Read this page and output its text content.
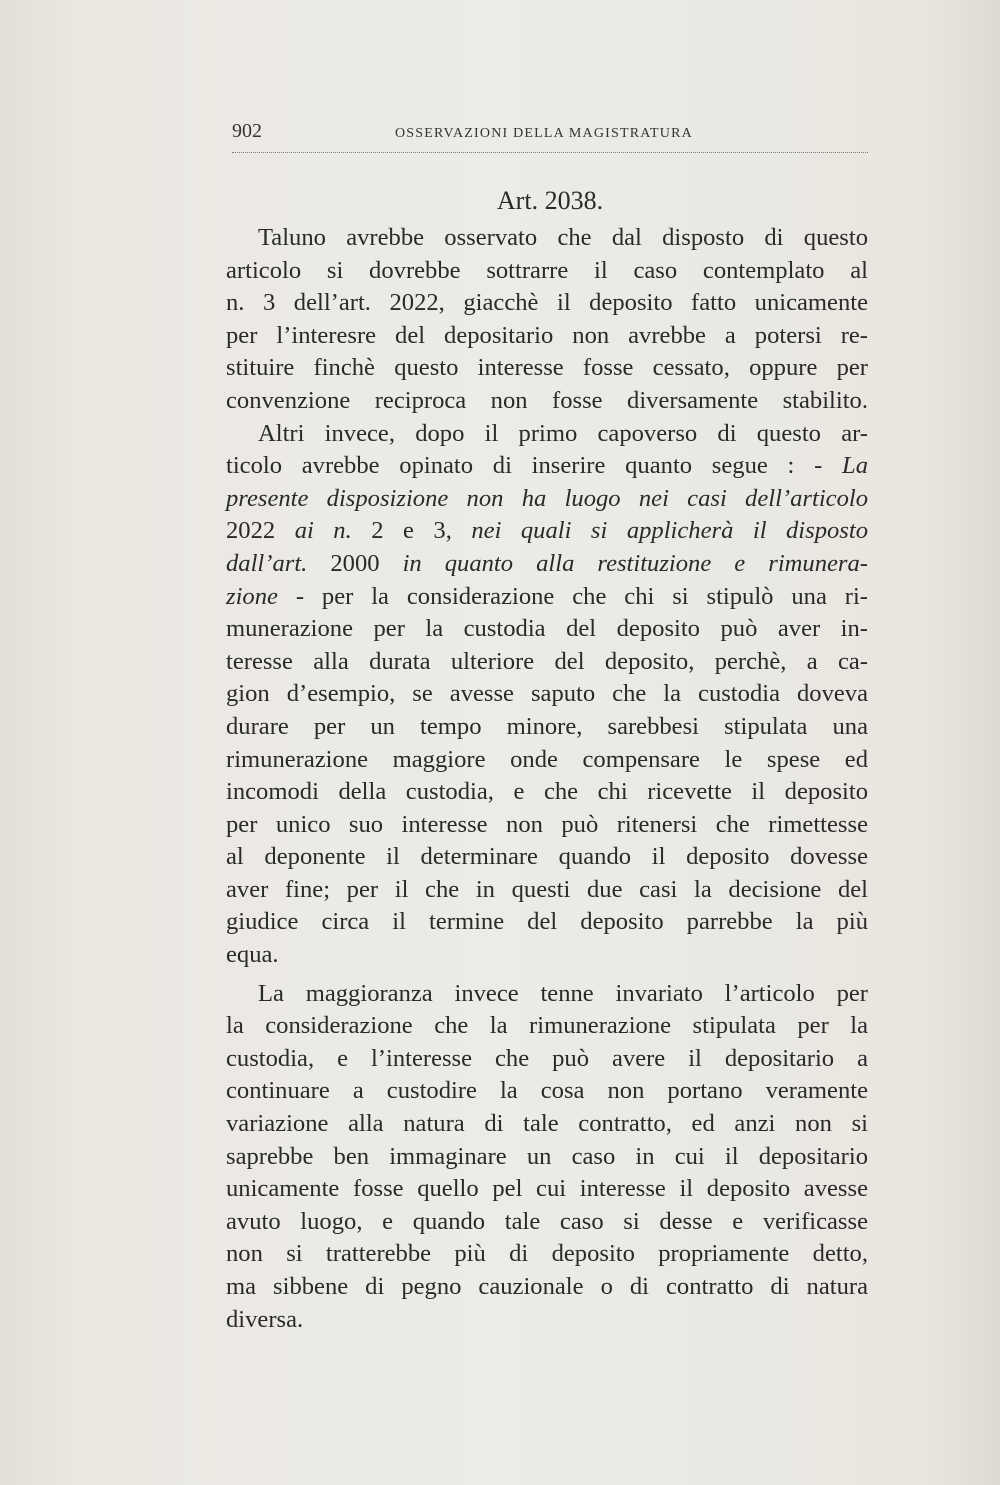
902	OSSERVAZIONI DELLA MAGISTRATURA
Art. 2038.
Taluno avrebbe osservato che dal disposto di questo
articolo si dovrebbe sottrarre il caso contemplato al
n. 3 dell’art. 2022, giacchè il deposito fatto unicamente
per l’interesre del depositario non avrebbe a potersi re-
stituire finchè questo interesse fosse cessato, oppure per
convenzione reciproca non fosse diversamente stabilito.
Altri invece, dopo il primo capoverso di questo ar-
ticolo avrebbe opinato di inserire quanto segue : - La
presente disposizione non ha luogo nei casi dell’articolo
2022 ai n. 2 e 3, nei quali si applicherà il disposto
dall’art. 2000 in quanto alla restituzione e rimunera-
zione - per la considerazione che chi si stipulò una ri-
munerazione per la custodia del deposito può aver in-
teresse alla durata ulteriore del deposito, perchè, a ca-
gion d’esempio, se avesse saputo che la custodia doveva
durare per un tempo minore, sarebbesi stipulata una
rimunerazione maggiore onde compensare le spese ed
incomodi della custodia, e che chi ricevette il deposito
per unico suo interesse non può ritenersi che rimettesse
al deponente il determinare quando il deposito dovesse
aver fine; per il che in questi due casi la decisione del
giudice circa il termine del deposito parrebbe la più
equa.
La maggioranza invece tenne invariato l’articolo per
la considerazione che la rimunerazione stipulata per la
custodia, e l’interesse che può avere il depositario a
continuare a custodire la cosa non portano veramente
variazione alla natura di tale contratto, ed anzi non si
saprebbe ben immaginare un caso in cui il depositario
unicamente fosse quello pel cui interesse il deposito avesse
avuto luogo, e quando tale caso si desse e verificasse
non si tratterebbe più di deposito propriamente detto,
ma sibbene di pegno cauzionale o di contratto di natura
diversa.
